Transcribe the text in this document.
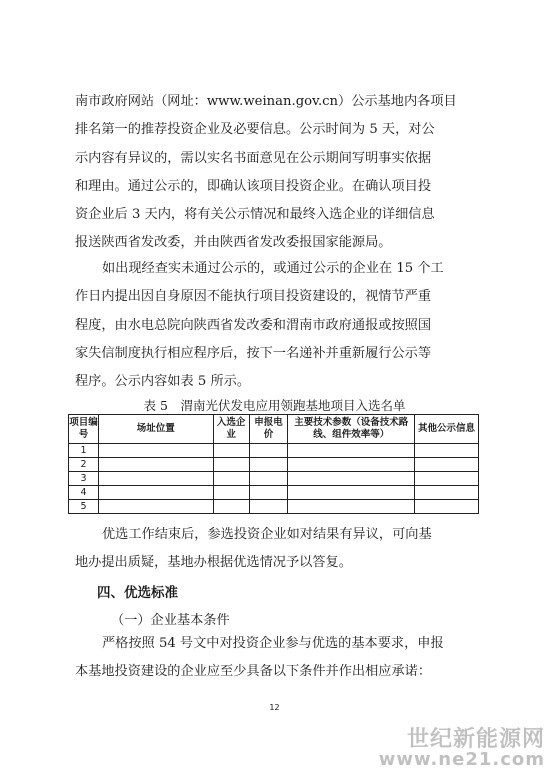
南市政府网站（网址：www.weinan.gov.cn）公示基地内各项目
排名第一的推荐投资企业及必要信息。公示时间为 5 天，对公
示内容有异议的，需以实名书面意见在公示期间写明事实依据
和理由。通过公示的，即确认该项目投资企业。在确认项目投
资企业后 3 天内，将有关公示情况和最终入选企业的详细信息
报送陕西省发改委，并由陕西省发改委报国家能源局。
如出现经查实未通过公示的，或通过公示的企业在 15 个工
作日内提出因自身原因不能执行项目投资建设的，视情节严重
程度，由水电总院向陕西省发改委和渭南市政府通报或按照国
家失信制度执行相应程序后，按下一名递补并重新履行公示等
程序。公示内容如表 5 所示。
表 5　渭南光伏发电应用领跑基地项目入选名单
项目编号	场址位置	入选企业	申报电价	主要技术参数（设备技术路线、组件效率等）	其他公示信息
1					
2					
3					
4					
5					
优选工作结束后，参选投资企业如对结果有异议，可向基
地办提出质疑，基地办根据优选情况予以答复。
四、优选标准
（一）企业基本条件
严格按照 54 号文中对投资企业参与优选的基本要求，申报
本基地投资建设的企业应至少具备以下条件并作出相应承诺：
12
世纪新能源网
www.ne21.com
